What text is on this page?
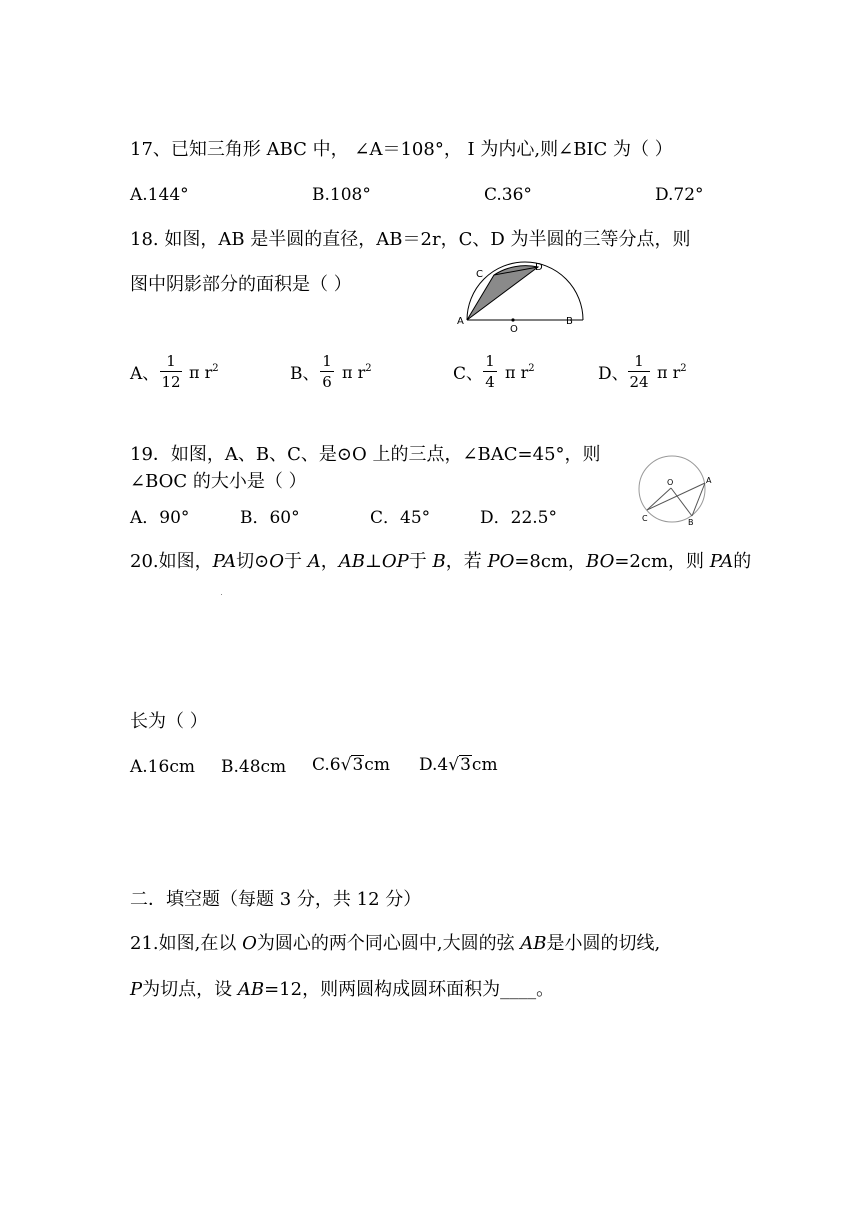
17、已知三角形 ABC 中， ∠A＝108°， I 为内心,则∠BIC 为（ ）
A.144°	B.108°	C.36°	D.72°
18. 如图，AB 是半圆的直径，AB＝2r，C、D 为半圆的三等分点，则
图中阴影部分的面积是（ ）	C
D
A
O
B
A、
1
12 π $r^2$	B、
1
6 π $r^2$	C、
1
4 π $r^2$	D、
1
24 π $r^2$
19．如图，A、B、C、是⊙O 上的三点，∠BAC=45°，则
∠BOC 的大小是（ ）	O	A
C	B
A．90°	B．60°	C．45°	D．22.5°
20.如图，PA切⊙O于 A，AB⊥OP于 B，若 PO=8cm，BO=2cm，则 PA的
长为（ ）
A.16cm B.48cm C.6√3cm D.4√3cm
二．填空题（每题 3 分，共 12 分）
21.如图,在以 O为圆心的两个同心圆中,大圆的弦 AB是小圆的切线,
P为切点，设 AB=12，则两圆构成圆环面积为____。
